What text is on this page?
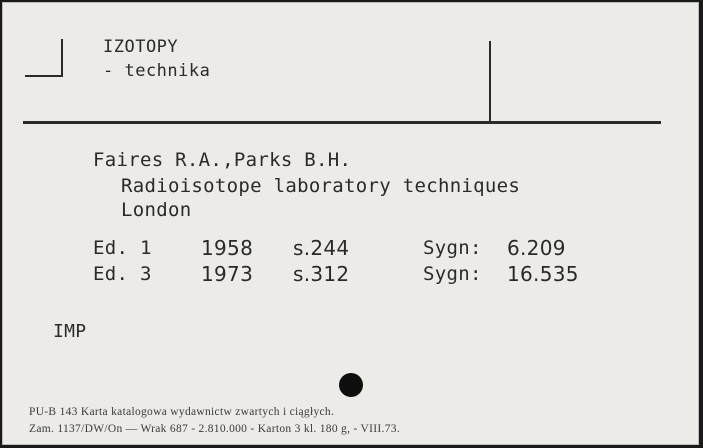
IZOTOPY
- technika
Faires R.A.,Parks B.H.
Radioisotope laboratory techniques
London
Ed. 1 1958 s.244	Sygn: 6.209
Ed. 3 1973 s.312	Sygn: 16.535
IMP
PU-B 143 Karta katalogowa wydawnictw zwartych i ciągłych.
Zam. 1137/DW/On — Wrak 687 - 2.810.000 - Karton 3 kl. 180 g, - VIII.73.
